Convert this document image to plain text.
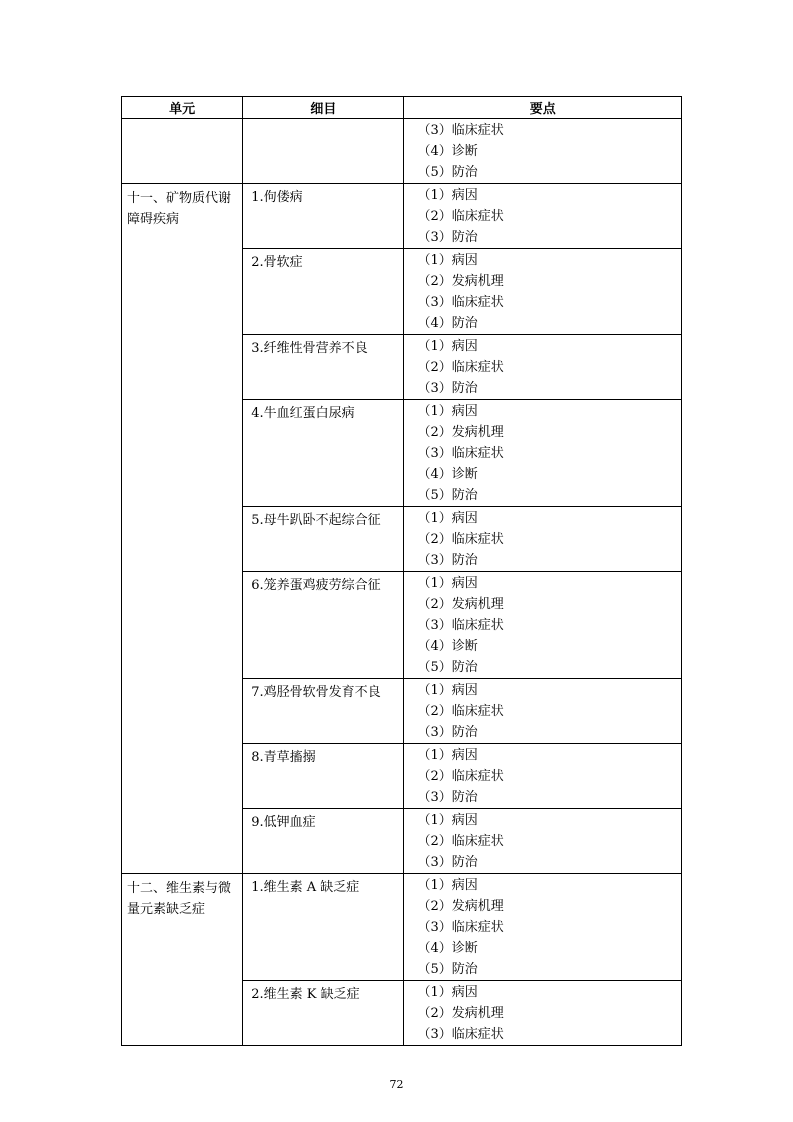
单元	细目	要点

		（3）临床症状
（4）诊断
（5）防治

十一、矿物质代谢障碍疾病	1.佝偻病	（1）病因
（2）临床症状
（3）防治

	2.骨软症	（1）病因
（2）发病机理
（3）临床症状
（4）防治

	3.纤维性骨营养不良	（1）病因
（2）临床症状
（3）防治

	4.牛血红蛋白尿病	（1）病因
（2）发病机理
（3）临床症状
（4）诊断
（5）防治

	5.母牛趴卧不起综合征	（1）病因
（2）临床症状
（3）防治

	6.笼养蛋鸡疲劳综合征	（1）病因
（2）发病机理
（3）临床症状
（4）诊断
（5）防治

	7.鸡胫骨软骨发育不良	（1）病因
（2）临床症状
（3）防治

	8.青草搐搦	（1）病因
（2）临床症状
（3）防治

	9.低钾血症	（1）病因
（2）临床症状
（3）防治

十二、维生素与微量元素缺乏症	1.维生素 A 缺乏症	（1）病因
（2）发病机理
（3）临床症状
（4）诊断
（5）防治

	2.维生素 K 缺乏症	（1）病因
（2）发病机理
（3）临床症状
72
